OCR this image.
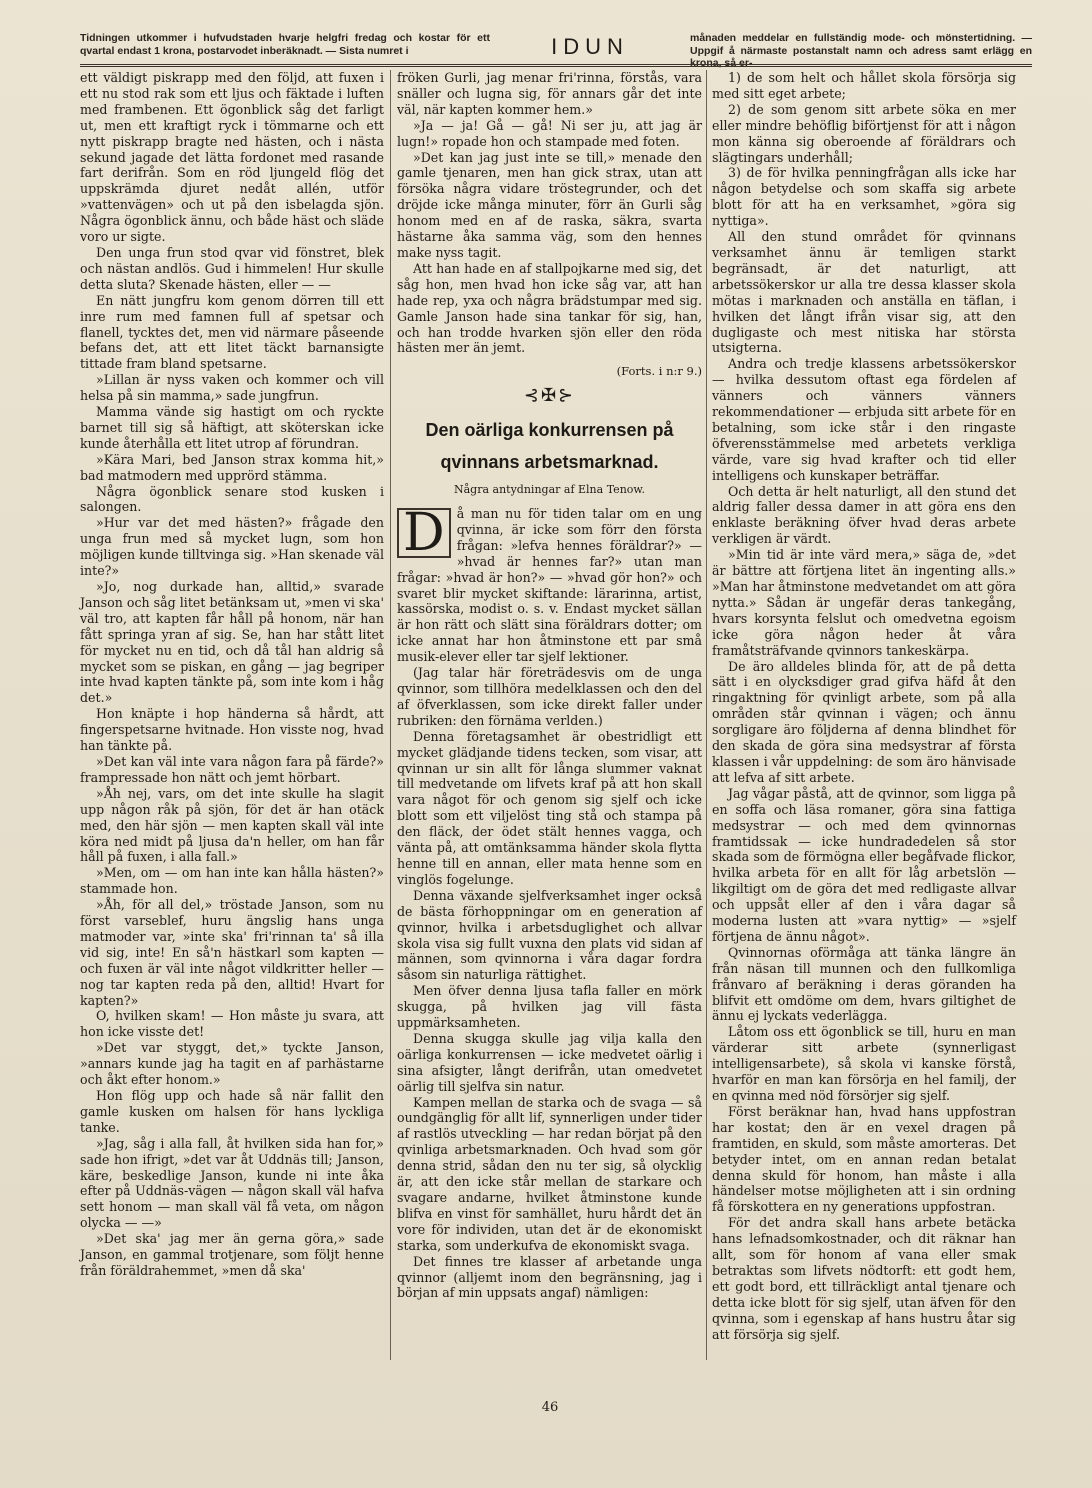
Tidningen utkommer i hufvudstaden hvarje helgfri fredag och kostar för ett qvartal endast 1 krona, postarvodet inberäknadt. — Sista numret i	IDUN	månaden meddelar en fullständig mode- och mönstertidning. — Uppgif å närmaste postanstalt namn och adress samt erlägg en krona, så er-

ett väldigt piskrapp med den följd, att fuxen i ett nu stod rak som ett ljus och fäktade i luften med frambenen. Ett ögonblick såg det farligt ut, men ett kraftigt ryck i tömmarne och ett nytt piskrapp bragte ned hästen, och i nästa sekund jagade det lätta fordonet med rasande fart derifrån. Som en röd ljungeld flög det uppskrämda djuret nedåt allén, utför »vattenvägen» och ut på den isbelagda sjön. Några ögonblick ännu, och både häst och släde voro ur sigte.

Den unga frun stod qvar vid fönstret, blek och nästan andlös. Gud i himmelen! Hur skulle detta sluta? Skenade hästen, eller — —

En nätt jungfru kom genom dörren till ett inre rum med famnen full af spetsar och flanell, tycktes det, men vid närmare påseende befans det, att ett litet täckt barnansigte tittade fram bland spetsarne.

»Lillan är nyss vaken och kommer och vill helsa på sin mamma,» sade jungfrun.

Mamma vände sig hastigt om och ryckte barnet till sig så häftigt, att sköterskan icke kunde återhålla ett litet utrop af förundran.

»Kära Mari, bed Janson strax komma hit,» bad matmodern med upprörd stämma.

Några ögonblick senare stod kusken i salongen.

»Hur var det med hästen?» frågade den unga frun med så mycket lugn, som hon möjligen kunde tilltvinga sig. »Han skenade väl inte?»

»Jo, nog durkade han, alltid,» svarade Janson och såg litet betänksam ut, »men vi ska' väl tro, att kapten får håll på honom, när han fått springa yran af sig. Se, han har stått litet för mycket nu en tid, och då tål han aldrig så mycket som se piskan, en gång — jag begriper inte hvad kapten tänkte på, som inte kom i håg det.»

Hon knäpte i hop händerna så hårdt, att fingerspetsarne hvitnade. Hon visste nog, hvad han tänkte på.

»Det kan väl inte vara någon fara på färde?» frampressade hon nätt och jemt hörbart.

»Åh nej, vars, om det inte skulle ha slagit upp någon råk på sjön, för det är han otäck med, den här sjön — men kapten skall väl inte köra ned midt på ljusa da'n heller, om han får håll på fuxen, i alla fall.»

»Men, om — om han inte kan hålla hästen?» stammade hon.

»Åh, för all del,» tröstade Janson, som nu först varseblef, huru ängslig hans unga matmoder var, »inte ska' fri'rinnan ta' så illa vid sig, inte! En så'n hästkarl som kapten — och fuxen är väl inte något vildkritter heller — nog tar kapten reda på den, alltid! Hvart for kapten?»

O, hvilken skam! — Hon måste ju svara, att hon icke visste det!

»Det var styggt, det,» tyckte Janson, »annars kunde jag ha tagit en af parhästarne och åkt efter honom.»

Hon flög upp och hade så när fallit den gamle kusken om halsen för hans lyckliga tanke.

»Jag, såg i alla fall, åt hvilken sida han for,» sade hon ifrigt, »det var åt Uddnäs till; Janson, käre, beskedlige Janson, kunde ni inte åka efter på Uddnäs-vägen — någon skall väl hafva sett honom — man skall väl få veta, om någon olycka — —»

»Det ska' jag mer än gerna göra,» sade Janson, en gammal trotjenare, som följt henne från föräldrahemmet, »men då ska'

fröken Gurli, jag menar fri'rinna, förstås, vara snäller och lugna sig, för annars går det inte väl, när kapten kommer hem.»

»Ja — ja! Gå — gå! Ni ser ju, att jag är lugn!» ropade hon och stampade med foten.

»Det kan jag just inte se till,» menade den gamle tjenaren, men han gick strax, utan att försöka några vidare tröstegrunder, och det dröjde icke många minuter, förr än Gurli såg honom med en af de raska, säkra, svarta hästarne åka samma väg, som den hennes make nyss tagit.

Att han hade en af stallpojkarne med sig, det såg hon, men hvad hon icke såg var, att han hade rep, yxa och några brädstumpar med sig. Gamle Janson hade sina tankar för sig, han, och han trodde hvarken sjön eller den röda hästen mer än jemt.

(Forts. i n:r 9.)
⊰✠⊱
Den oärliga konkurrensen på
qvinnans arbetsmarknad.
Några antydningar af Elna Tenow.

D å man nu för tiden talar om en ung qvinna, är icke som förr den första frågan: »lefva hennes föräldrar?» — »hvad är hennes far?» utan man frågar: »hvad är hon?» — »hvad gör hon?» och svaret blir mycket skiftande: lärarinna, artist, kassörska, modist o. s. v. Endast mycket sällan är hon rätt och slätt sina föräldrars dotter; om icke annat har hon åtminstone ett par små musik-elever eller tar sjelf lektioner.

(Jag talar här företrädesvis om de unga qvinnor, som tillhöra medelklassen och den del af öfverklassen, som icke direkt faller under rubriken: den förnäma verlden.)

Denna företagsamhet är obestridligt ett mycket glädjande tidens tecken, som visar, att qvinnan ur sin allt för långa slummer vaknat till medvetande om lifvets kraf på att hon skall vara något för och genom sig sjelf och icke blott som ett viljelöst ting stå och stampa på den fläck, der ödet stält hennes vagga, och vänta på, att omtänksamma händer skola flytta henne till en annan, eller mata henne som en vinglös fogelunge.

Denna växande sjelfverksamhet inger också de bästa förhoppningar om en generation af qvinnor, hvilka i arbetsduglighet och allvar skola visa sig fullt vuxna den plats vid sidan af männen, som qvinnorna i våra dagar fordra såsom sin naturliga rättighet.

Men öfver denna ljusa tafla faller en mörk skugga, på hvilken jag vill fästa uppmärksamheten.

Denna skugga skulle jag vilja kalla den oärliga konkurrensen — icke medvetet oärlig i sina afsigter, långt derifrån, utan omedvetet oärlig till sjelfva sin natur.

Kampen mellan de starka och de svaga — så oundgänglig för allt lif, synnerligen under tider af rastlös utveckling — har redan börjat på den qvinliga arbetsmarknaden. Och hvad som gör denna strid, sådan den nu ter sig, så olycklig är, att den icke står mellan de starkare och svagare andarne, hvilket åtminstone kunde blifva en vinst för samhället, huru hårdt det än vore för individen, utan det är de ekonomiskt starka, som underkufva de ekonomiskt svaga.

Det finnes tre klasser af arbetande unga qvinnor (alljemt inom den begränsning, jag i början af min uppsats angaf) nämligen:

1) de som helt och hållet skola försörja sig med sitt eget arbete;

2) de som genom sitt arbete söka en mer eller mindre behöflig biförtjenst för att i någon mon känna sig oberoende af föräldrars och slägtingars underhåll;

3) de för hvilka penningfrågan alls icke har någon betydelse och som skaffa sig arbete blott för att ha en verksamhet, »göra sig nyttiga».

All den stund området för qvinnans verksamhet ännu är temligen starkt begränsadt, är det naturligt, att arbetssökerskor ur alla tre dessa klasser skola mötas i marknaden och anställa en täflan, i hvilken det långt ifrån visar sig, att den dugligaste och mest nitiska har största utsigterna.

Andra och tredje klassens arbetssökerskor — hvilka dessutom oftast ega fördelen af vänners och vänners vänners rekommendationer — erbjuda sitt arbete för en betalning, som icke står i den ringaste öfverensstämmelse med arbetets verkliga värde, vare sig hvad krafter och tid eller intelligens och kunskaper beträffar.

Och detta är helt naturligt, all den stund det aldrig faller dessa damer in att göra ens den enklaste beräkning öfver hvad deras arbete verkligen är värdt.

»Min tid är inte värd mera,» säga de, »det är bättre att förtjena litet än ingenting alls.» »Man har åtminstone medvetandet om att göra nytta.» Sådan är ungefär deras tankegång, hvars korsynta felslut och omedvetna egoism icke göra någon heder åt våra framåtsträfvande qvinnors tankeskärpa.

De äro alldeles blinda för, att de på detta sätt i en olycksdiger grad gifva häfd åt den ringaktning för qvinligt arbete, som på alla områden står qvinnan i vägen; och ännu sorgligare äro följderna af denna blindhet för den skada de göra sina medsystrar af första klassen i vår uppdelning: de som äro hänvisade att lefva af sitt arbete.

Jag vågar påstå, att de qvinnor, som ligga på en soffa och läsa romaner, göra sina fattiga medsystrar — och med dem qvinnornas framtidssak — icke hundradedelen så stor skada som de förmögna eller begåfvade flickor, hvilka arbeta för en allt för låg arbetslön — likgiltigt om de göra det med redligaste allvar och uppsåt eller af den i våra dagar så moderna lusten att »vara nyttig» — »sjelf förtjena de ännu något».

Qvinnornas oförmåga att tänka längre än från näsan till munnen och den fullkomliga frånvaro af beräkning i deras göranden ha blifvit ett omdöme om dem, hvars giltighet de ännu ej lyckats vederlägga.

Låtom oss ett ögonblick se till, huru en man värderar sitt arbete (synnerligast intelligensarbete), så skola vi kanske förstå, hvarför en man kan försörja en hel familj, der en qvinna med nöd försörjer sig sjelf.

Först beräknar han, hvad hans uppfostran har kostat; den är en vexel dragen på framtiden, en skuld, som måste amorteras. Det betyder intet, om en annan redan betalat denna skuld för honom, han måste i alla händelser motse möjligheten att i sin ordning få förskottera en ny generations uppfostran.

För det andra skall hans arbete betäcka hans lefnadsomkostnader, och dit räknar han allt, som för honom af vana eller smak betraktas som lifvets nödtorft: ett godt hem, ett godt bord, ett tillräckligt antal tjenare och detta icke blott för sig sjelf, utan äfven för den qvinna, som i egenskap af hans hustru åtar sig att försörja sig sjelf.

46
